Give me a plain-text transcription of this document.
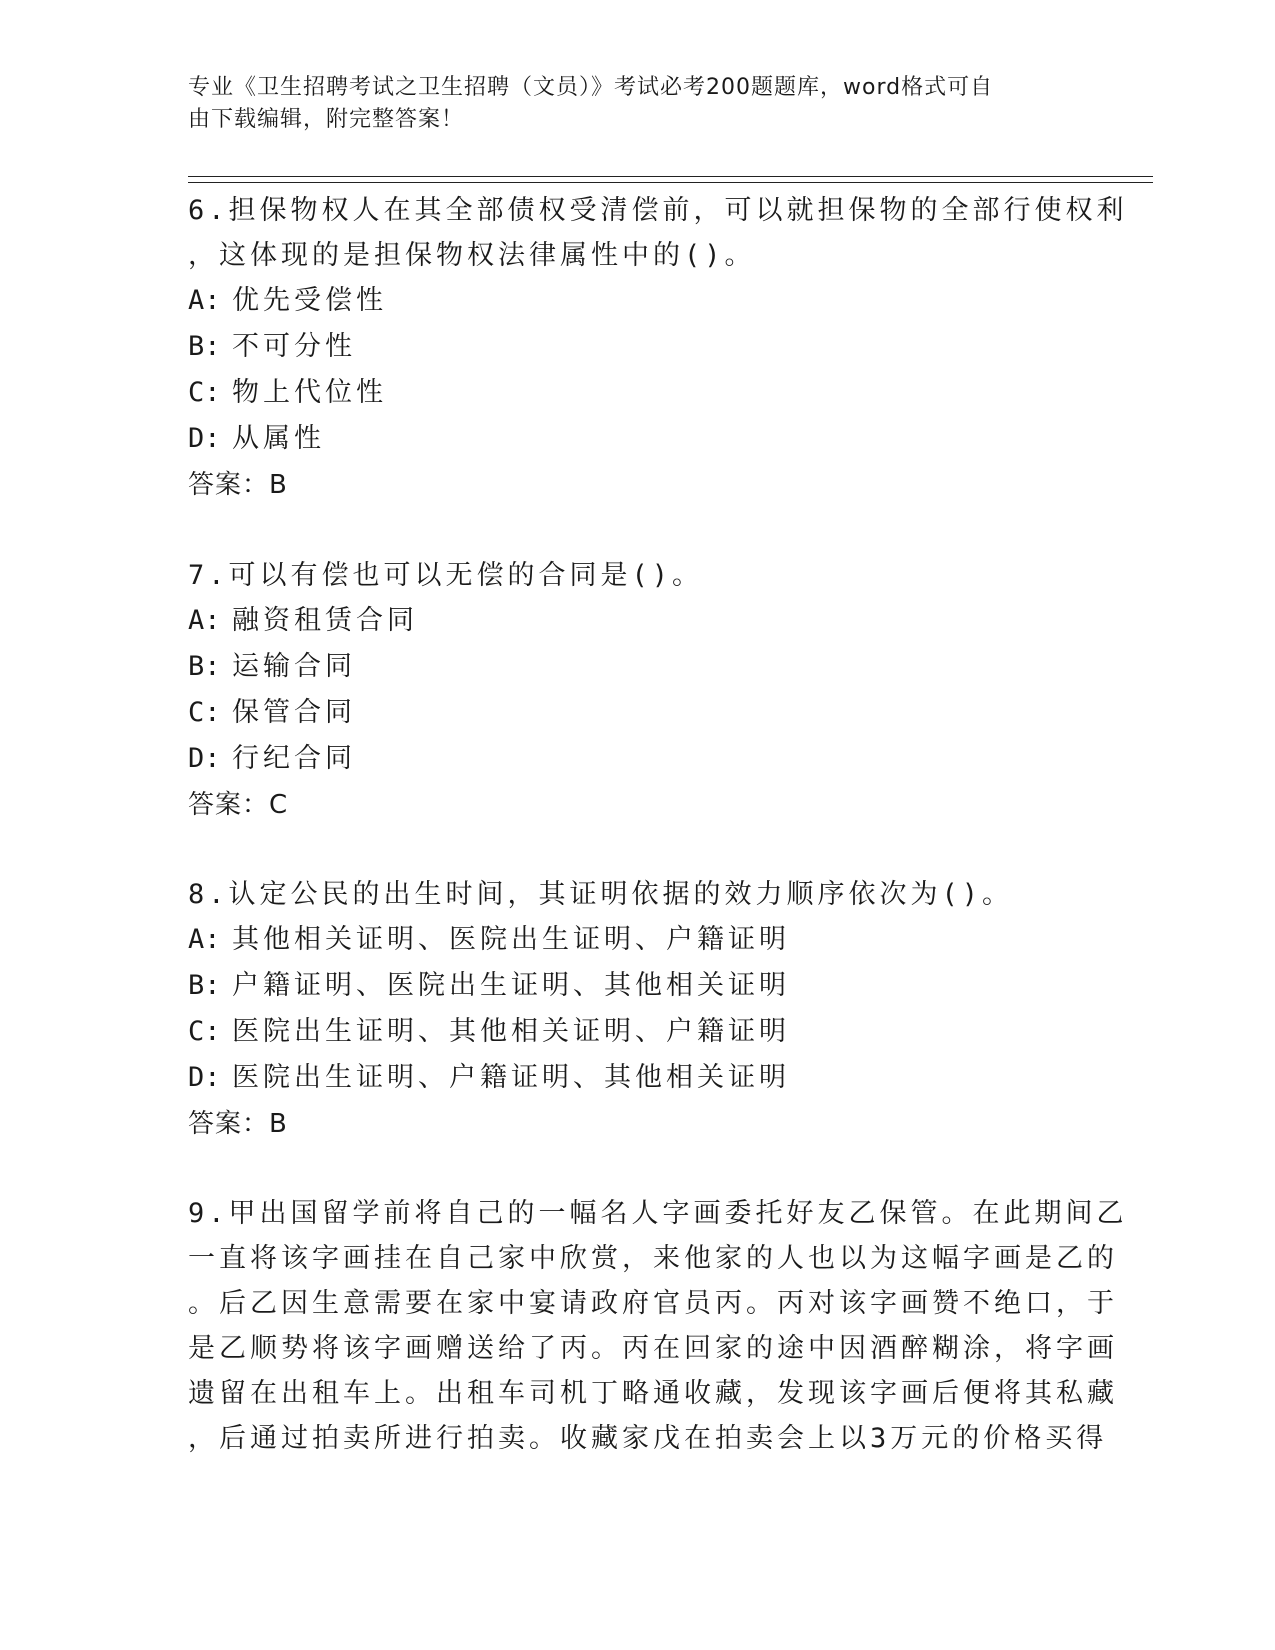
专业《卫生招聘考试之卫生招聘（文员）》考试必考200题题库，word格式可自
由下载编辑，附完整答案！
6.担保物权人在其全部债权受清偿前，可以就担保物的全部行使权利
，这体现的是担保物权法律属性中的()。
A: 优先受偿性
B: 不可分性
C: 物上代位性
D: 从属性
答案：B
7.可以有偿也可以无偿的合同是()。
A: 融资租赁合同
B: 运输合同
C: 保管合同
D: 行纪合同
答案：C
8.认定公民的出生时间，其证明依据的效力顺序依次为()。
A: 其他相关证明、医院出生证明、户籍证明
B: 户籍证明、医院出生证明、其他相关证明
C: 医院出生证明、其他相关证明、户籍证明
D: 医院出生证明、户籍证明、其他相关证明
答案：B
9.甲出国留学前将自己的一幅名人字画委托好友乙保管。在此期间乙
一直将该字画挂在自己家中欣赏，来他家的人也以为这幅字画是乙的
。后乙因生意需要在家中宴请政府官员丙。丙对该字画赞不绝口，于
是乙顺势将该字画赠送给了丙。丙在回家的途中因酒醉糊涂，将字画
遗留在出租车上。出租车司机丁略通收藏，发现该字画后便将其私藏
，后通过拍卖所进行拍卖。收藏家戊在拍卖会上以3万元的价格买得
